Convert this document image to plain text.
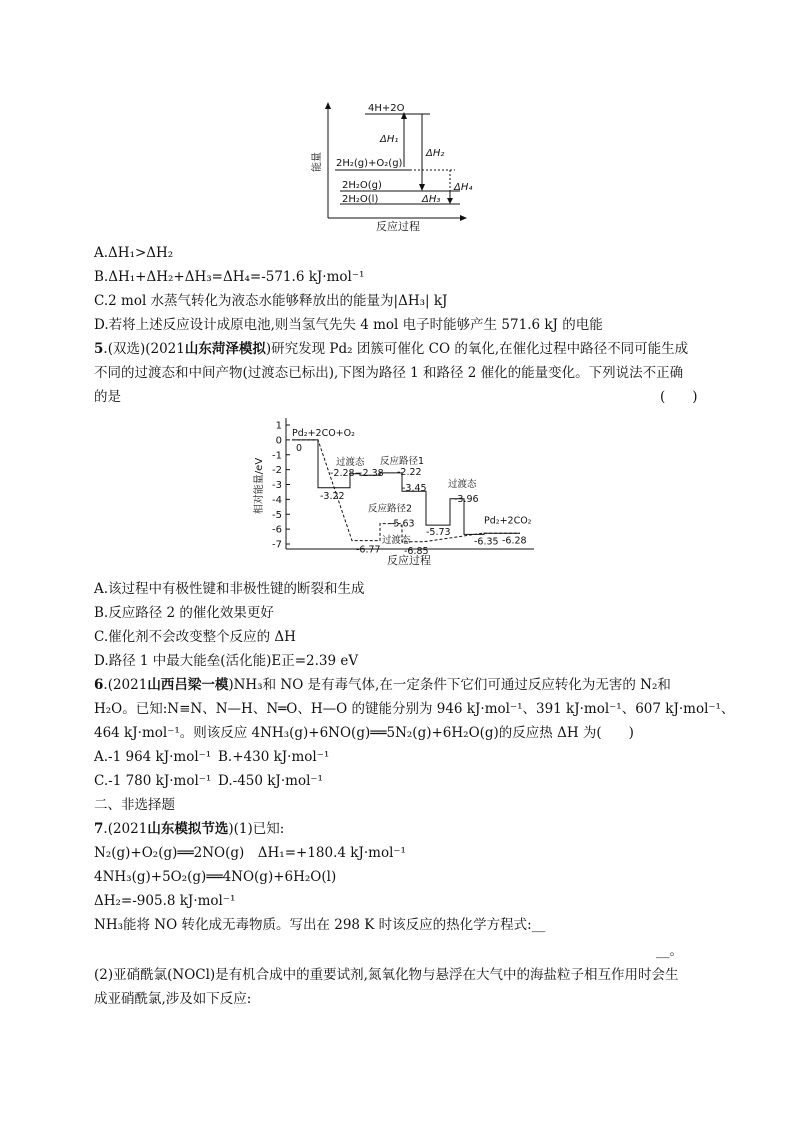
能量
反应过程
4H+2O
2H₂(g)+O₂(g)
2H₂O(g)
2H₂O(l)
ΔH₁
ΔH₂
ΔH₄
ΔH₃
A.ΔH₁>ΔH₂
B.ΔH₁+ΔH₂+ΔH₃=ΔH₄=-571.6 kJ·mol⁻¹
C.2 mol 水蒸气转化为液态水能够释放出的能量为|ΔH₃| kJ
D.若将上述反应设计成原电池,则当氢气先失 4 mol 电子时能够产生 571.6 kJ 的电能
5.(双选)(2021山东菏泽模拟)研究发现 Pd₂ 团簇可催化 CO 的氧化,在催化过程中路径不同可能生成
不同的过渡态和中间产物(过渡态已标出),下图为路径 1 和路径 2 催化的能量变化。下列说法不正确
的是	(　　)
相对能量/eV
反应过程
1
0
-1
-2
-3
-4
-5
-6
-7
Pd₂+2CO+O₂
0
过渡态 反应路径1
-2.28−2.38 -2.22
-3.22
-3.45 过渡态
-3.96
反应路径2
-5.63
-5.73
过渡态
-6.77 -6.85
Pd₂+2CO₂
-6.35 -6.28
A.该过程中有极性键和非极性键的断裂和生成
B.反应路径 2 的催化效果更好
C.催化剂不会改变整个反应的 ΔH
D.路径 1 中最大能垒(活化能)E正=2.39 eV
6.(2021山西吕梁一模)NH₃和 NO 是有毒气体,在一定条件下它们可通过反应转化为无害的 N₂和
H₂O。已知:N≡N、N—H、N═O、H—O 的键能分别为 946 kJ·mol⁻¹、391 kJ·mol⁻¹、607 kJ·mol⁻¹、
464 kJ·mol⁻¹。则该反应 4NH₃(g)+6NO(g)══5N₂(g)+6H₂O(g)的反应热 ΔH 为(　　)
A.-1 964 kJ·mol⁻¹ B.+430 kJ·mol⁻¹
C.-1 780 kJ·mol⁻¹ D.-450 kJ·mol⁻¹
二、非选择题
7.(2021山东模拟节选)(1)已知:
N₂(g)+O₂(g)══2NO(g)　ΔH₁=+180.4 kJ·mol⁻¹
4NH₃(g)+5O₂(g)══4NO(g)+6H₂O(l)
ΔH₂=-905.8 kJ·mol⁻¹
NH₃能将 NO 转化成无毒物质。写出在 298 K 时该反应的热化学方程式:__
__。
(2)亚硝酰氯(NOCl)是有机合成中的重要试剂,氮氧化物与悬浮在大气中的海盐粒子相互作用时会生
成亚硝酰氯,涉及如下反应:
